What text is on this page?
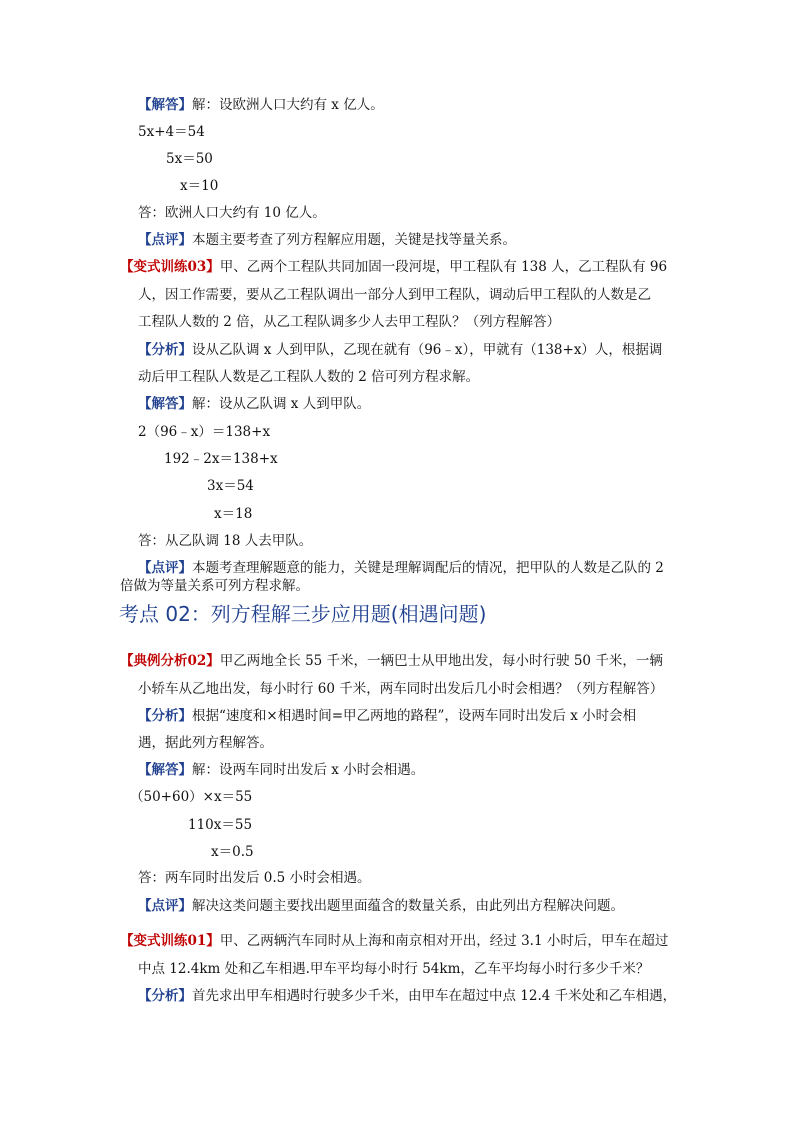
【解答】解：设欧洲人口大约有 x 亿人。
5x+4＝54
5x＝50
x＝10
答：欧洲人口大约有 10 亿人。
【点评】本题主要考查了列方程解应用题，关键是找等量关系。
【变式训练03】甲、乙两个工程队共同加固一段河堤，甲工程队有 138 人，乙工程队有 96
人，因工作需要，要从乙工程队调出一部分人到甲工程队，调动后甲工程队的人数是乙
工程队人数的 2 倍，从乙工程队调多少人去甲工程队？（列方程解答）
【分析】设从乙队调 x 人到甲队，乙现在就有（96﹣x），甲就有（138+x）人，根据调
动后甲工程队人数是乙工程队人数的 2 倍可列方程求解。
【解答】解：设从乙队调 x 人到甲队。
2（96﹣x）＝138+x
192﹣2x＝138+x
3x＝54
x＝18
答：从乙队调 18 人去甲队。
【点评】本题考查理解题意的能力，关键是理解调配后的情况，把甲队的人数是乙队的 2
倍做为等量关系可列方程求解。
考点 02：列方程解三步应用题(相遇问题)
【典例分析02】甲乙两地全长 55 千米，一辆巴士从甲地出发，每小时行驶 50 千米，一辆
小轿车从乙地出发，每小时行 60 千米，两车同时出发后几小时会相遇？（列方程解答）
【分析】根据“速度和×相遇时间=甲乙两地的路程”，设两车同时出发后 x 小时会相
遇，据此列方程解答。
【解答】解：设两车同时出发后 x 小时会相遇。
（50+60）×x＝55
110x＝55
x＝0.5
答：两车同时出发后 0.5 小时会相遇。
【点评】解决这类问题主要找出题里面蕴含的数量关系，由此列出方程解决问题。
【变式训练01】甲、乙两辆汽车同时从上海和南京相对开出，经过 3.1 小时后，甲车在超过
中点 12.4km 处和乙车相遇.甲车平均每小时行 54km，乙车平均每小时行多少千米？
【分析】首先求出甲车相遇时行驶多少千米，由甲车在超过中点 12.4 千米处和乙车相遇，
